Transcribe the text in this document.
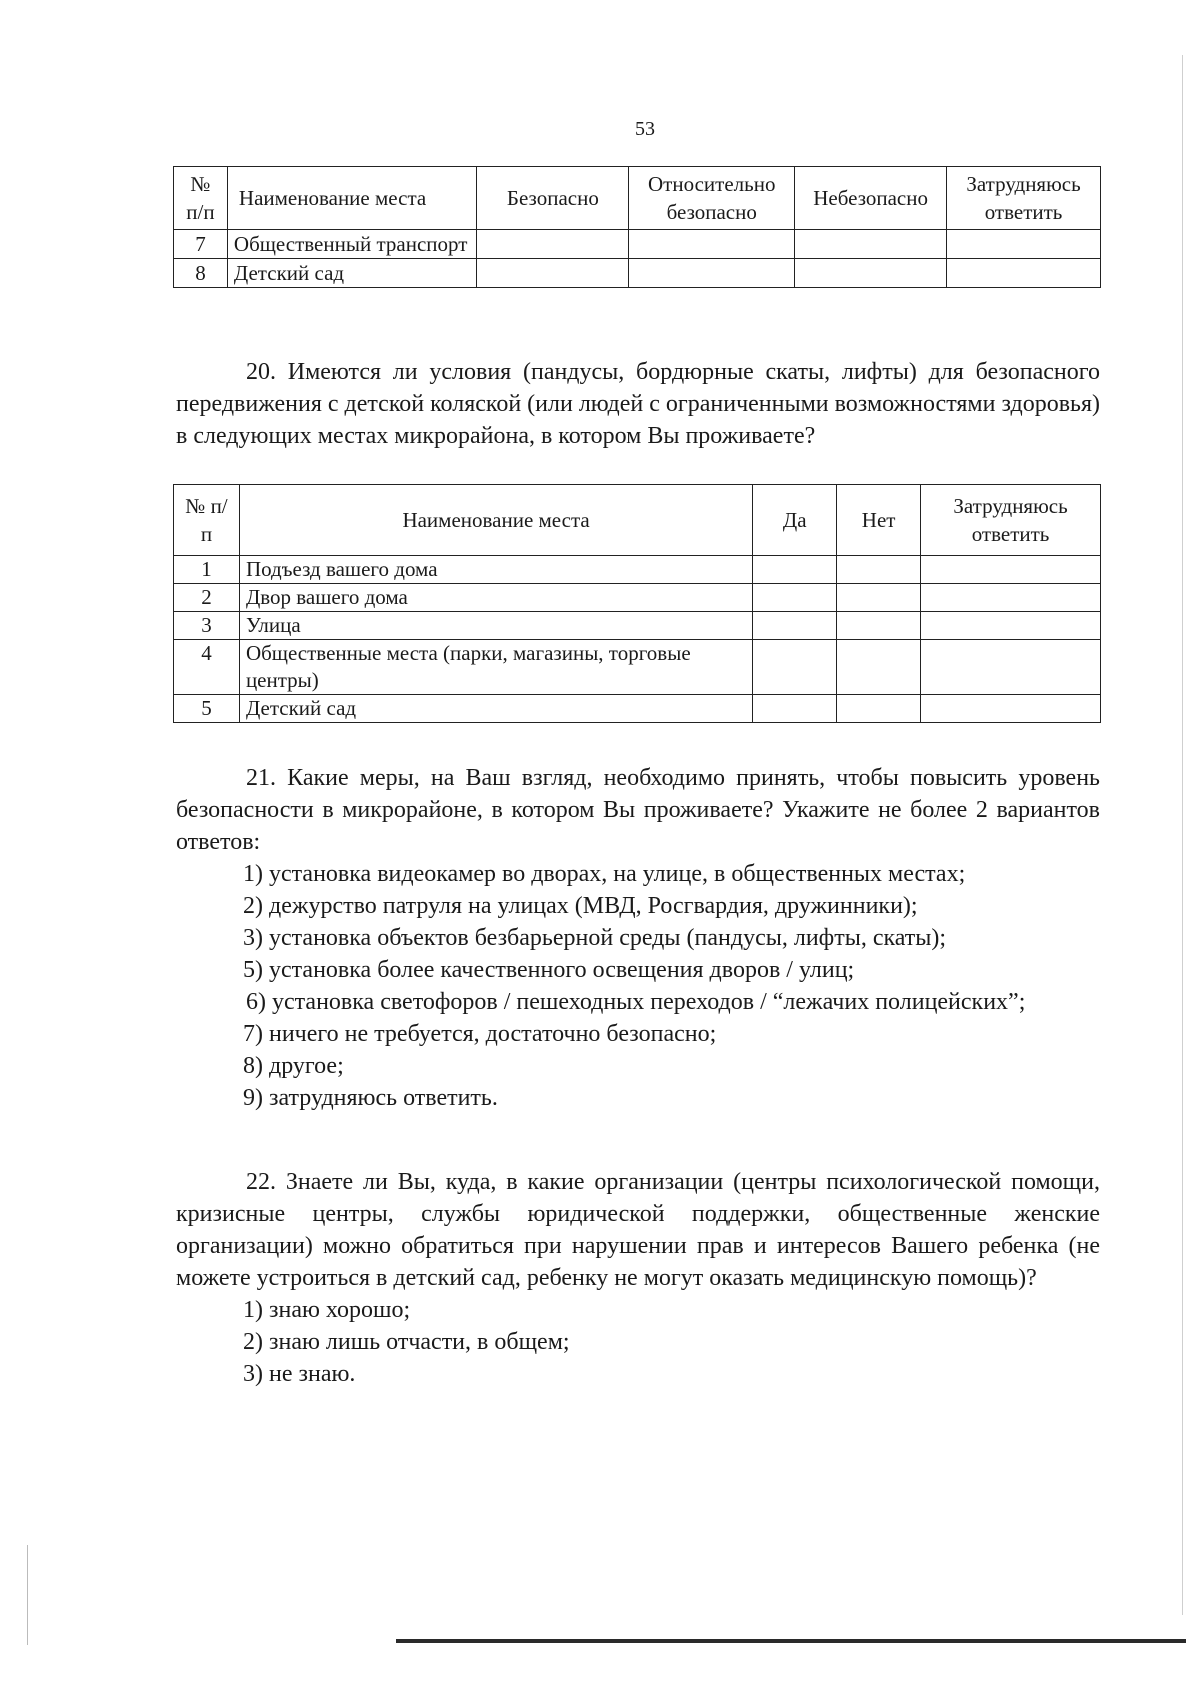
53
№ п/п	Наименование места	Безопасно	Относительно безопасно	Небезопасно	Затрудняюсь ответить
7	Общественный транспорт				
8	Детский сад				

20. Имеются ли условия (пандусы, бордюрные скаты, лифты) для безопасного передвижения с детской коляской (или людей с ограниченными возможностями здоровья) в следующих местах микрорайона, в котором Вы проживаете?

№ п/п	Наименование места	Да	Нет	Затрудняюсь ответить
1	Подъезд вашего дома			
2	Двор вашего дома			
3	Улица			
4	Общественные места (парки, магазины, торговые центры)			
5	Детский сад			

21. Какие меры, на Ваш взгляд, необходимо принять, чтобы повысить уровень безопасности в микрорайоне, в котором Вы проживаете? Укажите не более 2 вариантов ответов:

1) установка видеокамер во дворах, на улице, в общественных местах;

2) дежурство патруля на улицах (МВД, Росгвардия, дружинники);

3) установка объектов безбарьерной среды (пандусы, лифты, скаты);

5) установка более качественного освещения дворов / улиц;

6) установка светофоров / пешеходных переходов / “лежачих полицейских”;

7) ничего не требуется, достаточно безопасно;

8) другое;

9) затрудняюсь ответить.

22. Знаете ли Вы, куда, в какие организации (центры психологической помощи, кризисные центры, службы юридической поддержки, общественные женские организации) можно обратиться при нарушении прав и интересов Вашего ребенка (не можете устроиться в детский сад, ребенку не могут оказать медицинскую помощь)?

1) знаю хорошо;

2) знаю лишь отчасти, в общем;

3) не знаю.
